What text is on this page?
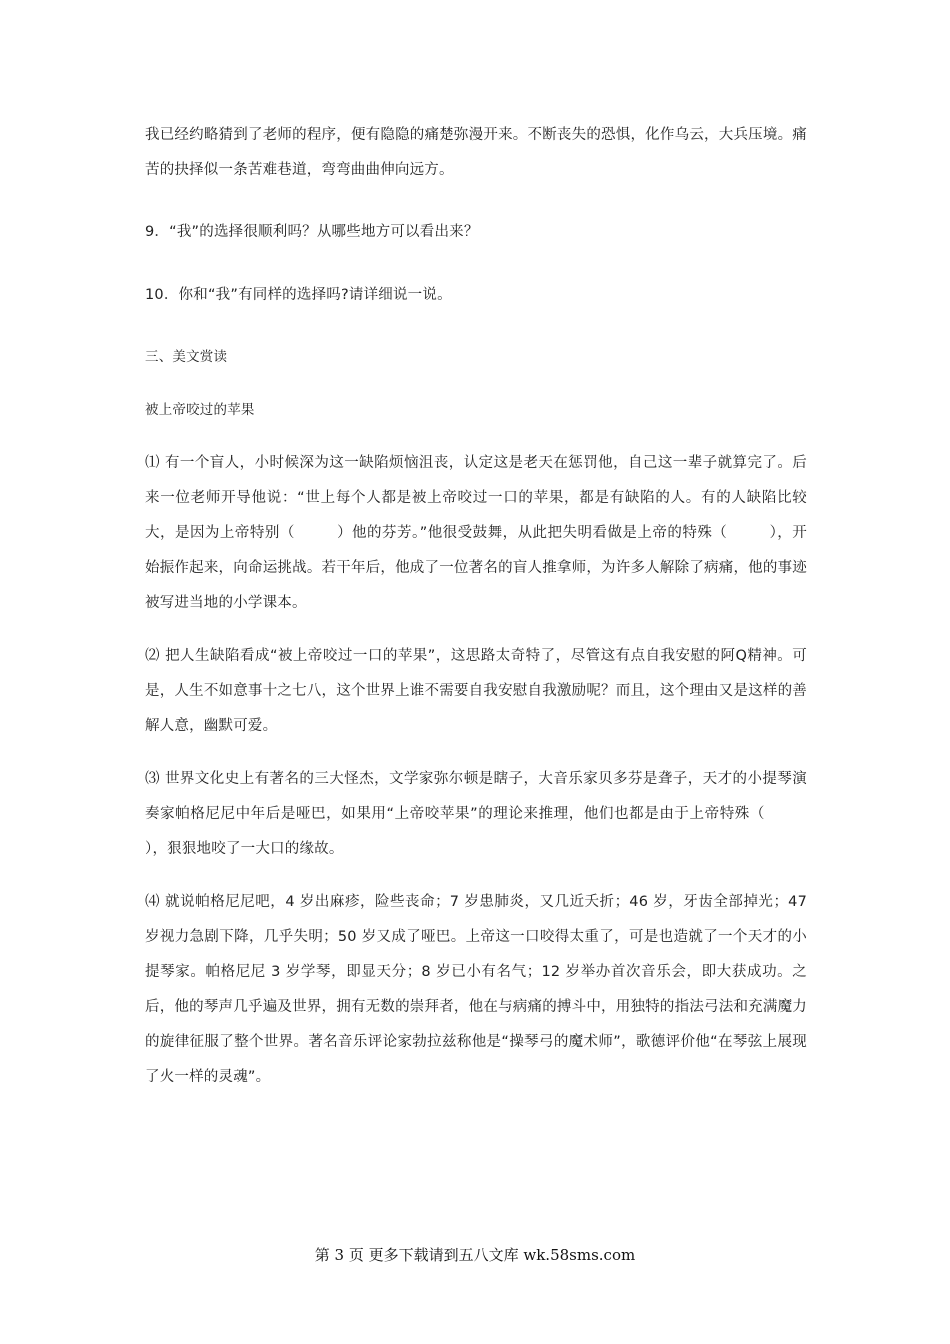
我已经约略猜到了老师的程序，便有隐隐的痛楚弥漫开来。不断丧失的恐惧，化作乌云，大兵压境。痛苦的抉择似一条苦难巷道，弯弯曲曲伸向远方。

9．“我”的选择很顺利吗？从哪些地方可以看出来？

10．你和“我”有同样的选择吗?请详细说一说。

三、美文赏读

被上帝咬过的苹果

⑴ 有一个盲人，小时候深为这一缺陷烦恼沮丧，认定这是老天在惩罚他，自己这一辈子就算完了。后来一位老师开导他说：“世上每个人都是被上帝咬过一口的苹果，都是有缺陷的人。有的人缺陷比较大，是因为上帝特别（	）他的芬芳。”他很受鼓舞，从此把失明看做是上帝的特殊（	），开始振作起来，向命运挑战。若干年后，他成了一位著名的盲人推拿师，为许多人解除了病痛，他的事迹被写进当地的小学课本。

⑵ 把人生缺陷看成“被上帝咬过一口的苹果”，这思路太奇特了，尽管这有点自我安慰的阿Q精神。可是，人生不如意事十之七八，这个世界上谁不需要自我安慰自我激励呢？而且，这个理由又是这样的善解人意，幽默可爱。

⑶ 世界文化史上有著名的三大怪杰，文学家弥尔顿是瞎子，大音乐家贝多芬是聋子，天才的小提琴演奏家帕格尼尼中年后是哑巴，如果用“上帝咬苹果”的理论来推理，他们也都是由于上帝特殊（），狠狠地咬了一大口的缘故。

⑷ 就说帕格尼尼吧，4 岁出麻疹，险些丧命；7 岁患肺炎，又几近夭折；46 岁，牙齿全部掉光；47 岁视力急剧下降，几乎失明；50 岁又成了哑巴。上帝这一口咬得太重了，可是也造就了一个天才的小提琴家。帕格尼尼 3 岁学琴，即显天分；8 岁已小有名气；12 岁举办首次音乐会，即大获成功。之后，他的琴声几乎遍及世界，拥有无数的崇拜者，他在与病痛的搏斗中，用独特的指法弓法和充满魔力的旋律征服了整个世界。著名音乐评论家勃拉兹称他是“操琴弓的魔术师”，歌德评价他“在琴弦上展现了火一样的灵魂”。

第 3 页 更多下载请到五八文库 wk.58sms.com
